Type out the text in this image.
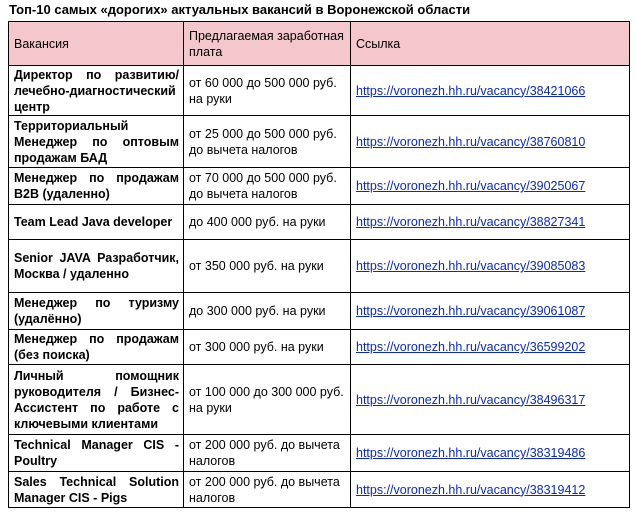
Топ-10 самых «дорогих» актуальных вакансий в Воронежской области
Вакансия	Предлагаемая заработная плата	Ссылка
Директор по развитию/лечебно-диагностический центр	от 60 000 до 500 000 руб. на руки	https://voronezh.hh.ru/vacancy/38421066
Территориальный Менеджер по оптовым продажам БАД	от 25 000 до 500 000 руб. до вычета налогов	https://voronezh.hh.ru/vacancy/38760810
Менеджер по продажам B2B (удаленно)	от 70 000 до 500 000 руб. до вычета налогов	https://voronezh.hh.ru/vacancy/39025067
Team Lead Java developer	до 400 000 руб. на руки	https://voronezh.hh.ru/vacancy/38827341
Senior JAVA Разработчик, Москва / удаленно	от 350 000 руб. на руки	https://voronezh.hh.ru/vacancy/39085083
Менеджер по туризму (удалённо)	до 300 000 руб. на руки	https://voronezh.hh.ru/vacancy/39061087
Менеджер по продажам (без поиска)	от 300 000 руб. на руки	https://voronezh.hh.ru/vacancy/36599202
Личный помощник руководителя / Бизнес-Ассистент по работе с ключевыми клиентами	от 100 000 до 300 000 руб. на руки	https://voronezh.hh.ru/vacancy/38496317
Technical Manager CIS - Poultry	от 200 000 руб. до вычета налогов	https://voronezh.hh.ru/vacancy/38319486
Sales Technical Solution Manager CIS - Pigs	от 200 000 руб. до вычета налогов	https://voronezh.hh.ru/vacancy/38319412
